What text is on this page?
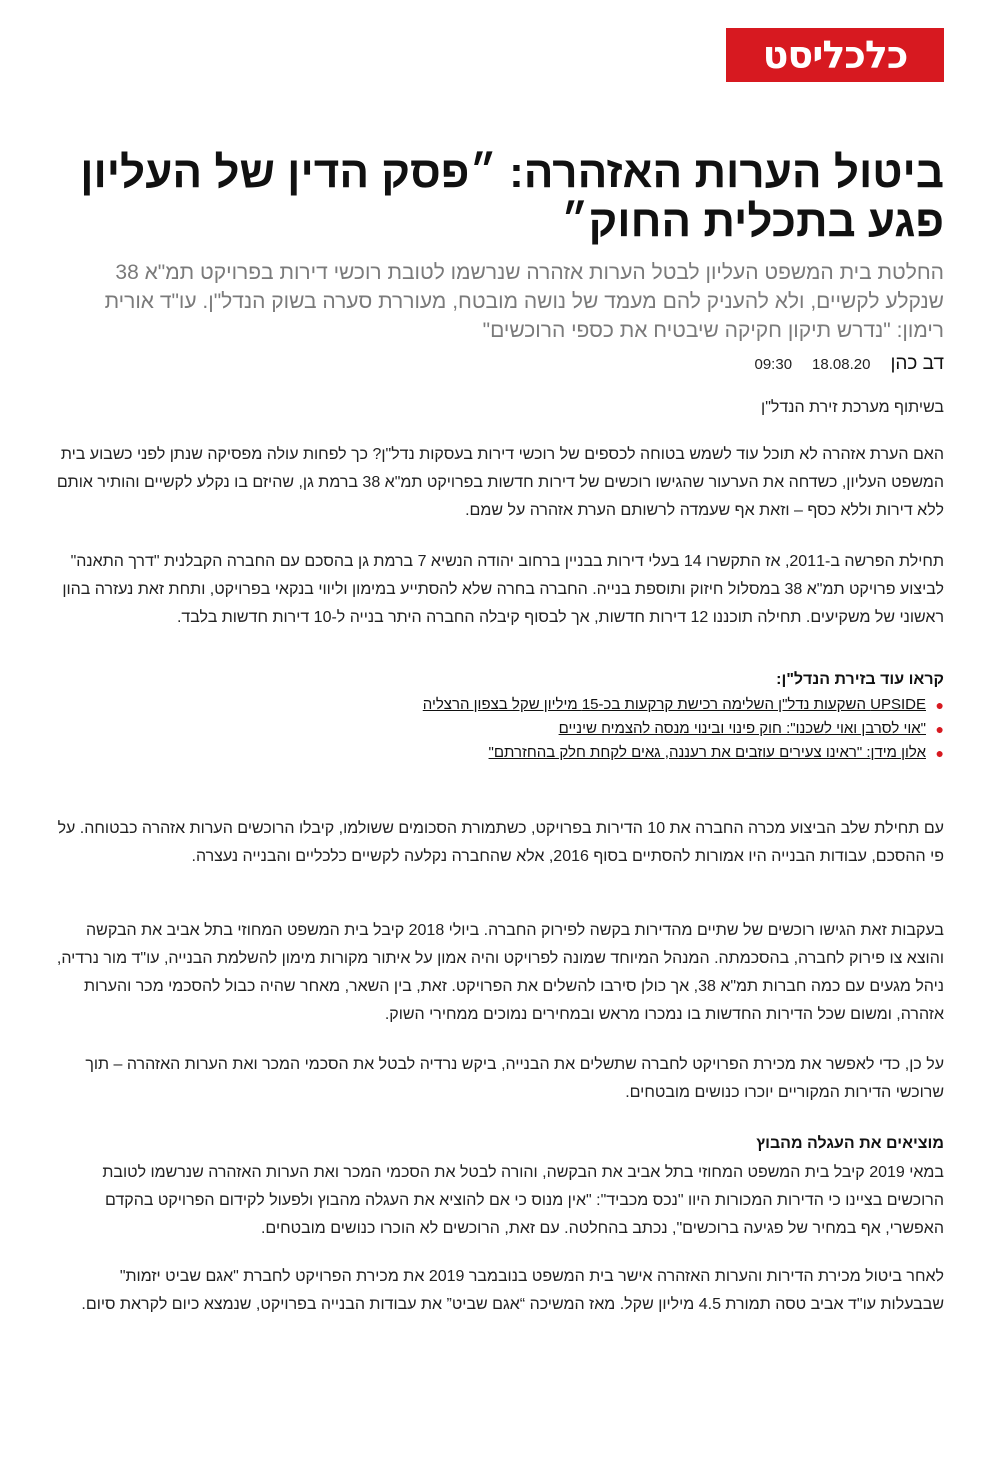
כלכליסט
ביטול הערות האזהרה: ״פסק הדין של העליון פגע בתכלית החוק״

החלטת בית המשפט העליון לבטל הערות אזהרה שנרשמו לטובת רוכשי דירות בפרויקט תמ"א 38 שנקלע לקשיים, ולא להעניק להם מעמד של נושה מובטח, מעוררת סערה בשוק הנדל"ן. עו"ד אורית רימון: "נדרש תיקון חקיקה שיבטיח את כספי הרוכשים"

דב כהן
18.08.20
09:30
בשיתוף מערכת זירת הנדל"ן

האם הערת אזהרה לא תוכל עוד לשמש בטוחה לכספים של רוכשי דירות בעסקות נדל"ן? כך לפחות עולה מפסיקה שנתן לפני כשבוע בית המשפט העליון, כשדחה את הערעור שהגישו רוכשים של דירות חדשות בפרויקט תמ"א 38 ברמת גן, שהיזם בו נקלע לקשיים והותיר אותם ללא דירות וללא כסף – וזאת אף שעמדה לרשותם הערת אזהרה על שמם.

תחילת הפרשה ב-2011, אז התקשרו 14 בעלי דירות בבניין ברחוב יהודה הנשיא 7 ברמת גן בהסכם עם החברה הקבלנית "דרך התאנה" לביצוע פרויקט תמ"א 38 במסלול חיזוק ותוספת בנייה. החברה בחרה שלא להסתייע במימון וליווי בנקאי בפרויקט, ותחת זאת נעזרה בהון ראשוני של משקיעים. תחילה תוכננו 12 דירות חדשות, אך לבסוף קיבלה החברה היתר בנייה ל-10 דירות חדשות בלבד.

קראו עוד בזירת הנדל"ן:
●
UPSIDE השקעות נדל"ן השלימה רכישת קרקעות בכ-15 מיליון שקל בצפון הרצליה
●
"אוי לסרבן ואוי לשכנו": חוק פינוי ובינוי מנסה להצמיח שיניים
●
אלון מידן: "ראינו צעירים עוזבים את רעננה, גאים לקחת חלק בהחזרתם"

עם תחילת שלב הביצוע מכרה החברה את 10 הדירות בפרויקט, כשתמורת הסכומים ששולמו, קיבלו הרוכשים הערות אזהרה כבטוחה. על פי ההסכם, עבודות הבנייה היו אמורות להסתיים בסוף 2016, אלא שהחברה נקלעה לקשיים כלכליים והבנייה נעצרה.

בעקבות זאת הגישו רוכשים של שתיים מהדירות בקשה לפירוק החברה. ביולי 2018 קיבל בית המשפט המחוזי בתל אביב את הבקשה והוצא צו פירוק לחברה, בהסכמתה. המנהל המיוחד שמונה לפרויקט והיה אמון על איתור מקורות מימון להשלמת הבנייה, עו"ד מור נרדיה, ניהל מגעים עם כמה חברות תמ"א 38, אך כולן סירבו להשלים את הפרויקט. זאת, בין השאר, מאחר שהיה כבול להסכמי מכר והערות אזהרה, ומשום שכל הדירות החדשות בו נמכרו מראש ובמחירים נמוכים ממחירי השוק.

על כן, כדי לאפשר את מכירת הפרויקט לחברה שתשלים את הבנייה, ביקש נרדיה לבטל את הסכמי המכר ואת הערות האזהרה – תוך שרוכשי הדירות המקוריים יוכרו כנושים מובטחים.

מוציאים את העגלה מהבוץ

במאי 2019 קיבל בית המשפט המחוזי בתל אביב את הבקשה, והורה לבטל את הסכמי המכר ואת הערות האזהרה שנרשמו לטובת הרוכשים בציינו כי הדירות המכורות היוו "נכס מכביד": "אין מנוס כי אם להוציא את העגלה מהבוץ ולפעול לקידום הפרויקט בהקדם האפשרי, אף במחיר של פגיעה ברוכשים", נכתב בהחלטה. עם זאת, הרוכשים לא הוכרו כנושים מובטחים.

לאחר ביטול מכירת הדירות והערות האזהרה אישר בית המשפט בנובמבר 2019 את מכירת הפרויקט לחברת "אגם שביט יזמות" שבבעלות עו"ד אביב טסה תמורת 4.5 מיליון שקל. מאז המשיכה “אגם שביט” את עבודות הבנייה בפרויקט, שנמצא כיום לקראת סיום.
